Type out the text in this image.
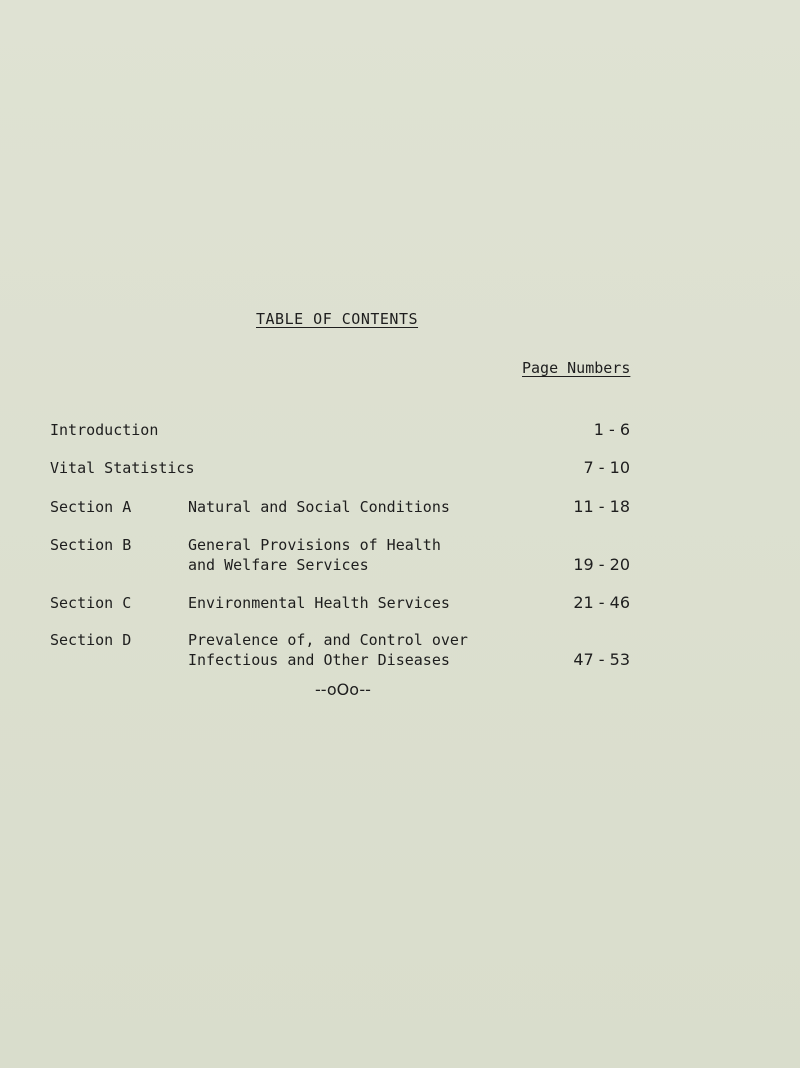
TABLE OF CONTENTS
Page Numbers
Introduction	1 - 6
Vital Statistics	7 - 10
Section A	Natural and Social Conditions	11 - 18
Section B	General Provisions of Health
and Welfare Services	19 - 20
Section C	Environmental Health Services	21 - 46
Section D	Prevalence of, and Control over
Infectious and Other Diseases	47 - 53
--oOo--
